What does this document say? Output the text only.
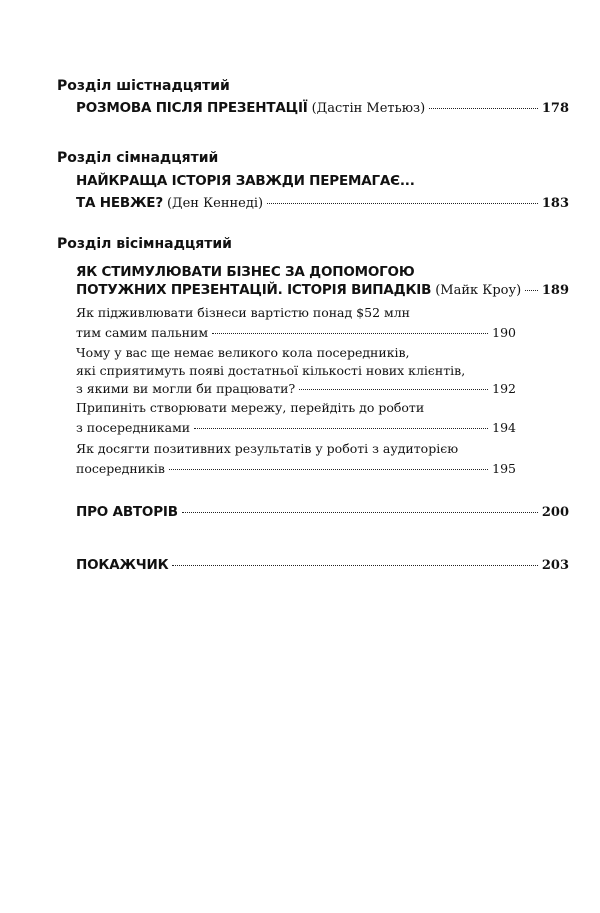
Розділ шістнадцятий
РОЗМОВА ПІСЛЯ ПРЕЗЕНТАЦІЇ (Дастін Метьюз)	178
Розділ сімнадцятий
НАЙКРАЩА ІСТОРІЯ ЗАВЖДИ ПЕРЕМАГАЄ...
ТА НЕВЖЕ? (Ден Кеннеді)	183
Розділ вісімнадцятий
ЯК СТИМУЛЮВАТИ БІЗНЕС ЗА ДОПОМОГОЮ
ПОТУЖНИХ ПРЕЗЕНТАЦІЙ. ІСТОРІЯ ВИПАДКІВ (Майк Кроу) 189
Як підживлювати бізнеси вартістю понад $52 млн
тим самим пальним	190
Чому у вас ще немає великого кола посередників,
які сприятимуть появі достатньої кількості нових клієнтів,
з якими ви могли би працювати?	192
Припиніть створювати мережу, перейдіть до роботи
з посередниками	194
Як досягти позитивних результатів у роботі з аудиторією
посередників	195
ПРО АВТОРІВ	200
ПОКАЖЧИК	203
